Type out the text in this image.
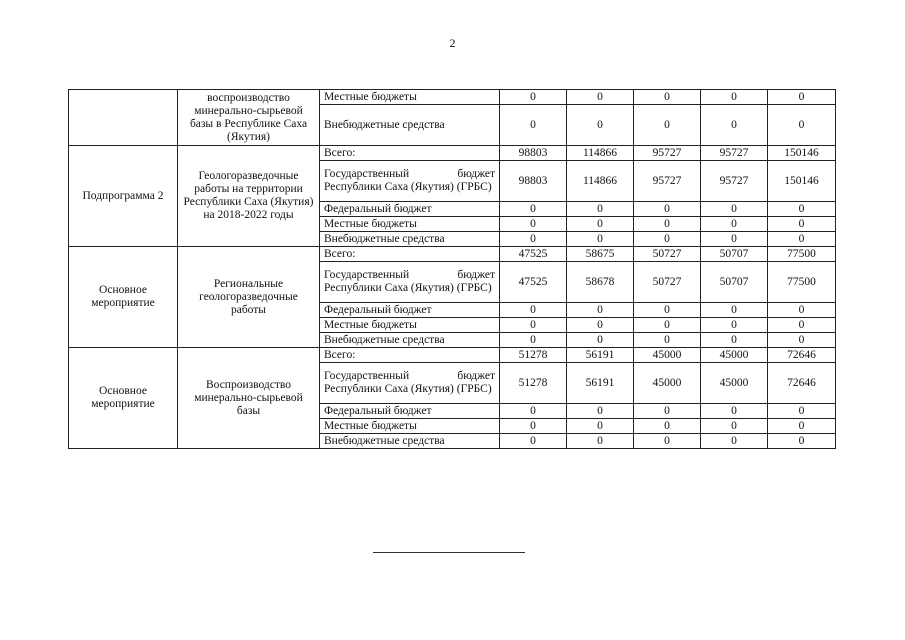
2
	воспроизводство минерально-сырьевой базы в Республике Саха (Якутия)	Местные бюджеты	0	0	0	0	0
		Внебюджетные средства	0	0	0	0	0
Подпрограмма 2	Геологоразведочные работы на территории Республики Саха (Якутия) на 2018-2022 годы	Всего:	98803	114866	95727	95727	150146
		Государственный бюджет Республики Саха (Якутия) (ГРБС)	98803	114866	95727	95727	150146
		Федеральный бюджет	0	0	0	0	0
		Местные бюджеты	0	0	0	0	0
		Внебюджетные средства	0	0	0	0	0
Основное мероприятие	Региональные геологоразведочные работы	Всего:	47525	58675	50727	50707	77500
		Государственный бюджет Республики Саха (Якутия) (ГРБС)	47525	58678	50727	50707	77500
		Федеральный бюджет	0	0	0	0	0
		Местные бюджеты	0	0	0	0	0
		Внебюджетные средства	0	0	0	0	0
Основное мероприятие	Воспроизводство минерально-сырьевой базы	Всего:	51278	56191	45000	45000	72646
		Государственный бюджет Республики Саха (Якутия) (ГРБС)	51278	56191	45000	45000	72646
		Федеральный бюджет	0	0	0	0	0
		Местные бюджеты	0	0	0	0	0
		Внебюджетные средства	0	0	0	0	0
